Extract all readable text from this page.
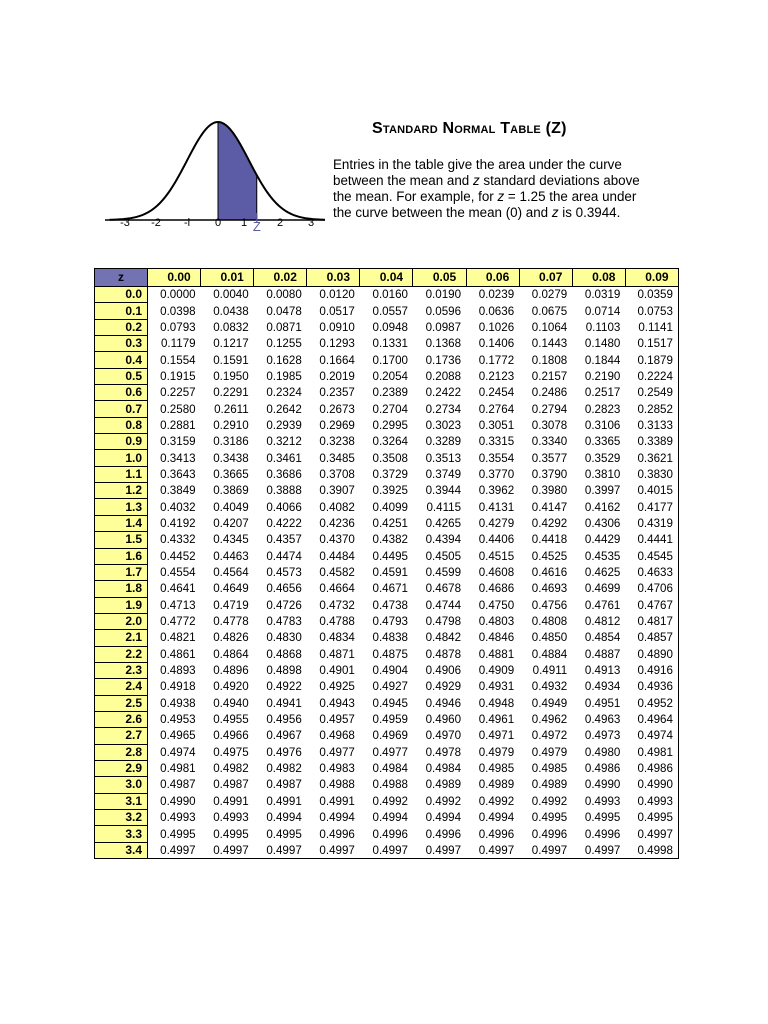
-3 -2 -l 0 1	2 3
Z
Standard Normal Table (Z)

Entries in the table give the area under the curve between the mean and z standard deviations above the mean. For example, for z = 1.25 the area under the curve between the mean (0) and z is 0.3944.

z	0.00	0.01	0.02	0.03	0.04	0.05	0.06	0.07	0.08	0.09
0.0	0.0000	0.0040	0.0080	0.0120	0.0160	0.0190	0.0239	0.0279	0.0319	0.0359
0.1	0.0398	0.0438	0.0478	0.0517	0.0557	0.0596	0.0636	0.0675	0.0714	0.0753
0.2	0.0793	0.0832	0.0871	0.0910	0.0948	0.0987	0.1026	0.1064	0.1103	0.1141
0.3	0.1179	0.1217	0.1255	0.1293	0.1331	0.1368	0.1406	0.1443	0.1480	0.1517
0.4	0.1554	0.1591	0.1628	0.1664	0.1700	0.1736	0.1772	0.1808	0.1844	0.1879
0.5	0.1915	0.1950	0.1985	0.2019	0.2054	0.2088	0.2123	0.2157	0.2190	0.2224
0.6	0.2257	0.2291	0.2324	0.2357	0.2389	0.2422	0.2454	0.2486	0.2517	0.2549
0.7	0.2580	0.2611	0.2642	0.2673	0.2704	0.2734	0.2764	0.2794	0.2823	0.2852
0.8	0.2881	0.2910	0.2939	0.2969	0.2995	0.3023	0.3051	0.3078	0.3106	0.3133
0.9	0.3159	0.3186	0.3212	0.3238	0.3264	0.3289	0.3315	0.3340	0.3365	0.3389
1.0	0.3413	0.3438	0.3461	0.3485	0.3508	0.3513	0.3554	0.3577	0.3529	0.3621
1.1	0.3643	0.3665	0.3686	0.3708	0.3729	0.3749	0.3770	0.3790	0.3810	0.3830
1.2	0.3849	0.3869	0.3888	0.3907	0.3925	0.3944	0.3962	0.3980	0.3997	0.4015
1.3	0.4032	0.4049	0.4066	0.4082	0.4099	0.4115	0.4131	0.4147	0.4162	0.4177
1.4	0.4192	0.4207	0.4222	0.4236	0.4251	0.4265	0.4279	0.4292	0.4306	0.4319
1.5	0.4332	0.4345	0.4357	0.4370	0.4382	0.4394	0.4406	0.4418	0.4429	0.4441
1.6	0.4452	0.4463	0.4474	0.4484	0.4495	0.4505	0.4515	0.4525	0.4535	0.4545
1.7	0.4554	0.4564	0.4573	0.4582	0.4591	0.4599	0.4608	0.4616	0.4625	0.4633
1.8	0.4641	0.4649	0.4656	0.4664	0.4671	0.4678	0.4686	0.4693	0.4699	0.4706
1.9	0.4713	0.4719	0.4726	0.4732	0.4738	0.4744	0.4750	0.4756	0.4761	0.4767
2.0	0.4772	0.4778	0.4783	0.4788	0.4793	0.4798	0.4803	0.4808	0.4812	0.4817
2.1	0.4821	0.4826	0.4830	0.4834	0.4838	0.4842	0.4846	0.4850	0.4854	0.4857
2.2	0.4861	0.4864	0.4868	0.4871	0.4875	0.4878	0.4881	0.4884	0.4887	0.4890
2.3	0.4893	0.4896	0.4898	0.4901	0.4904	0.4906	0.4909	0.4911	0.4913	0.4916
2.4	0.4918	0.4920	0.4922	0.4925	0.4927	0.4929	0.4931	0.4932	0.4934	0.4936
2.5	0.4938	0.4940	0.4941	0.4943	0.4945	0.4946	0.4948	0.4949	0.4951	0.4952
2.6	0.4953	0.4955	0.4956	0.4957	0.4959	0.4960	0.4961	0.4962	0.4963	0.4964
2.7	0.4965	0.4966	0.4967	0.4968	0.4969	0.4970	0.4971	0.4972	0.4973	0.4974
2.8	0.4974	0.4975	0.4976	0.4977	0.4977	0.4978	0.4979	0.4979	0.4980	0.4981
2.9	0.4981	0.4982	0.4982	0.4983	0.4984	0.4984	0.4985	0.4985	0.4986	0.4986
3.0	0.4987	0.4987	0.4987	0.4988	0.4988	0.4989	0.4989	0.4989	0.4990	0.4990
3.1	0.4990	0.4991	0.4991	0.4991	0.4992	0.4992	0.4992	0.4992	0.4993	0.4993
3.2	0.4993	0.4993	0.4994	0.4994	0.4994	0.4994	0.4994	0.4995	0.4995	0.4995
3.3	0.4995	0.4995	0.4995	0.4996	0.4996	0.4996	0.4996	0.4996	0.4996	0.4997
3.4	0.4997	0.4997	0.4997	0.4997	0.4997	0.4997	0.4997	0.4997	0.4997	0.4998
